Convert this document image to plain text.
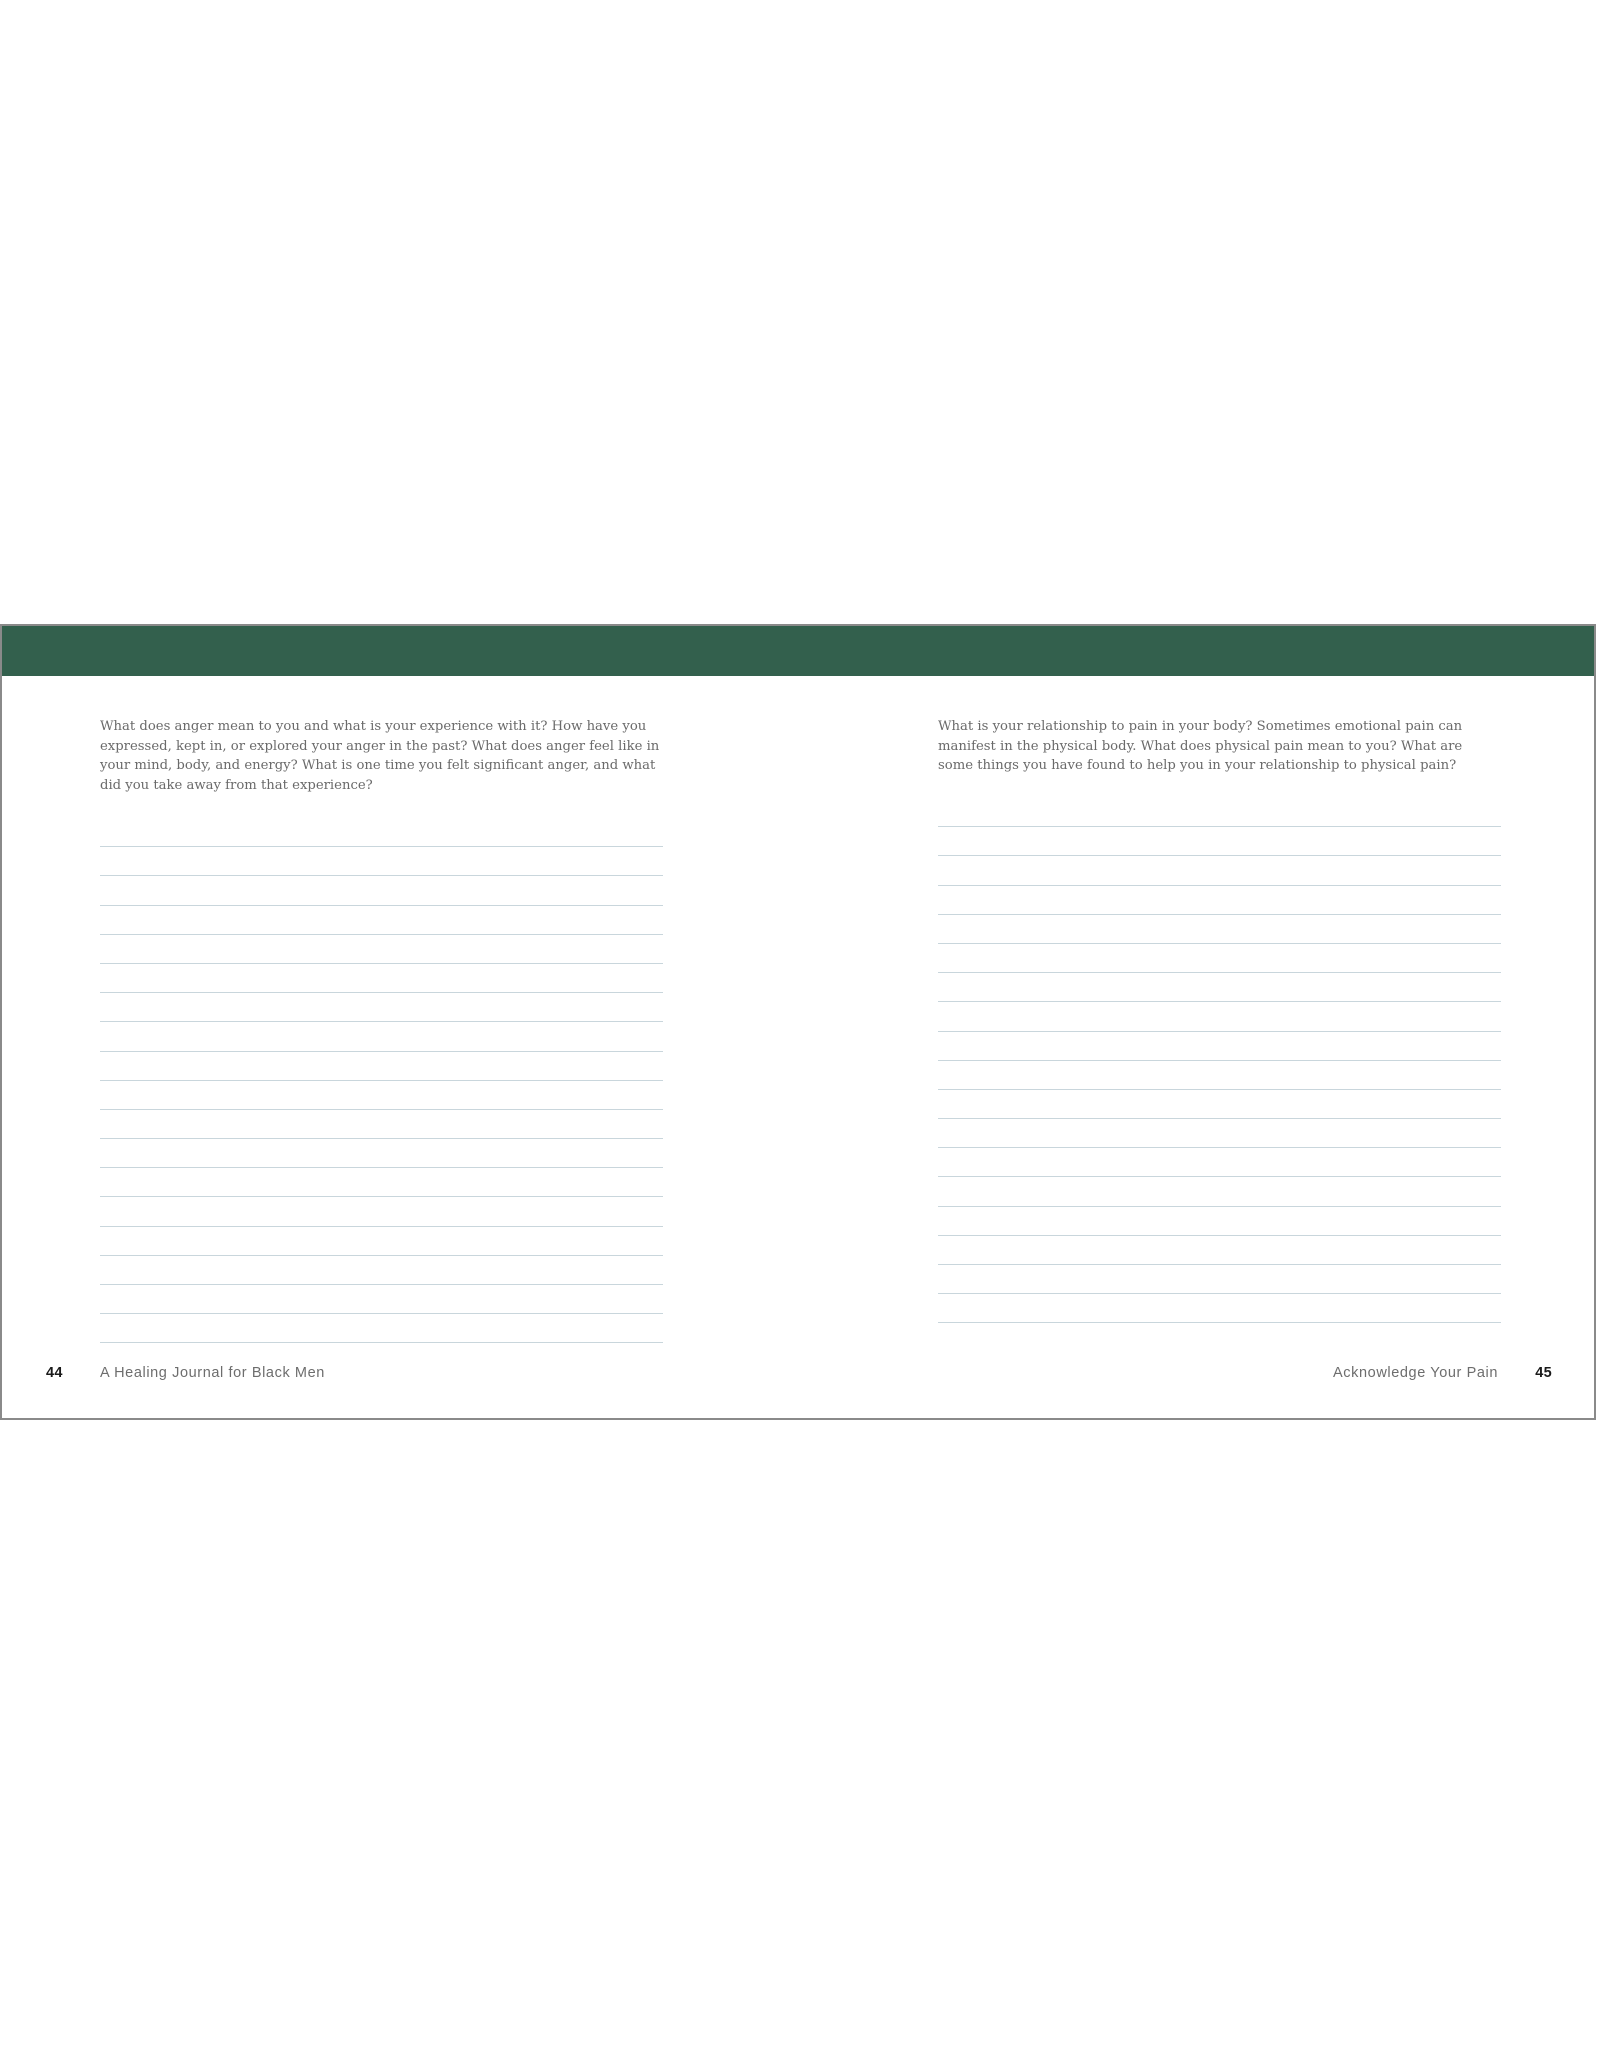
What does anger mean to you and what is your experience with it? How have you expressed, kept in, or explored your anger in the past? What does anger feel like in your mind, body, and energy? What is one time you felt significant anger, and what did you take away from that experience?

44	A Healing Journal for Black Men

What is your relationship to pain in your body? Sometimes emotional pain can manifest in the physical body. What does physical pain mean to you? What are some things you have found to help you in your relationship to physical pain?

Acknowledge Your Pain	45
